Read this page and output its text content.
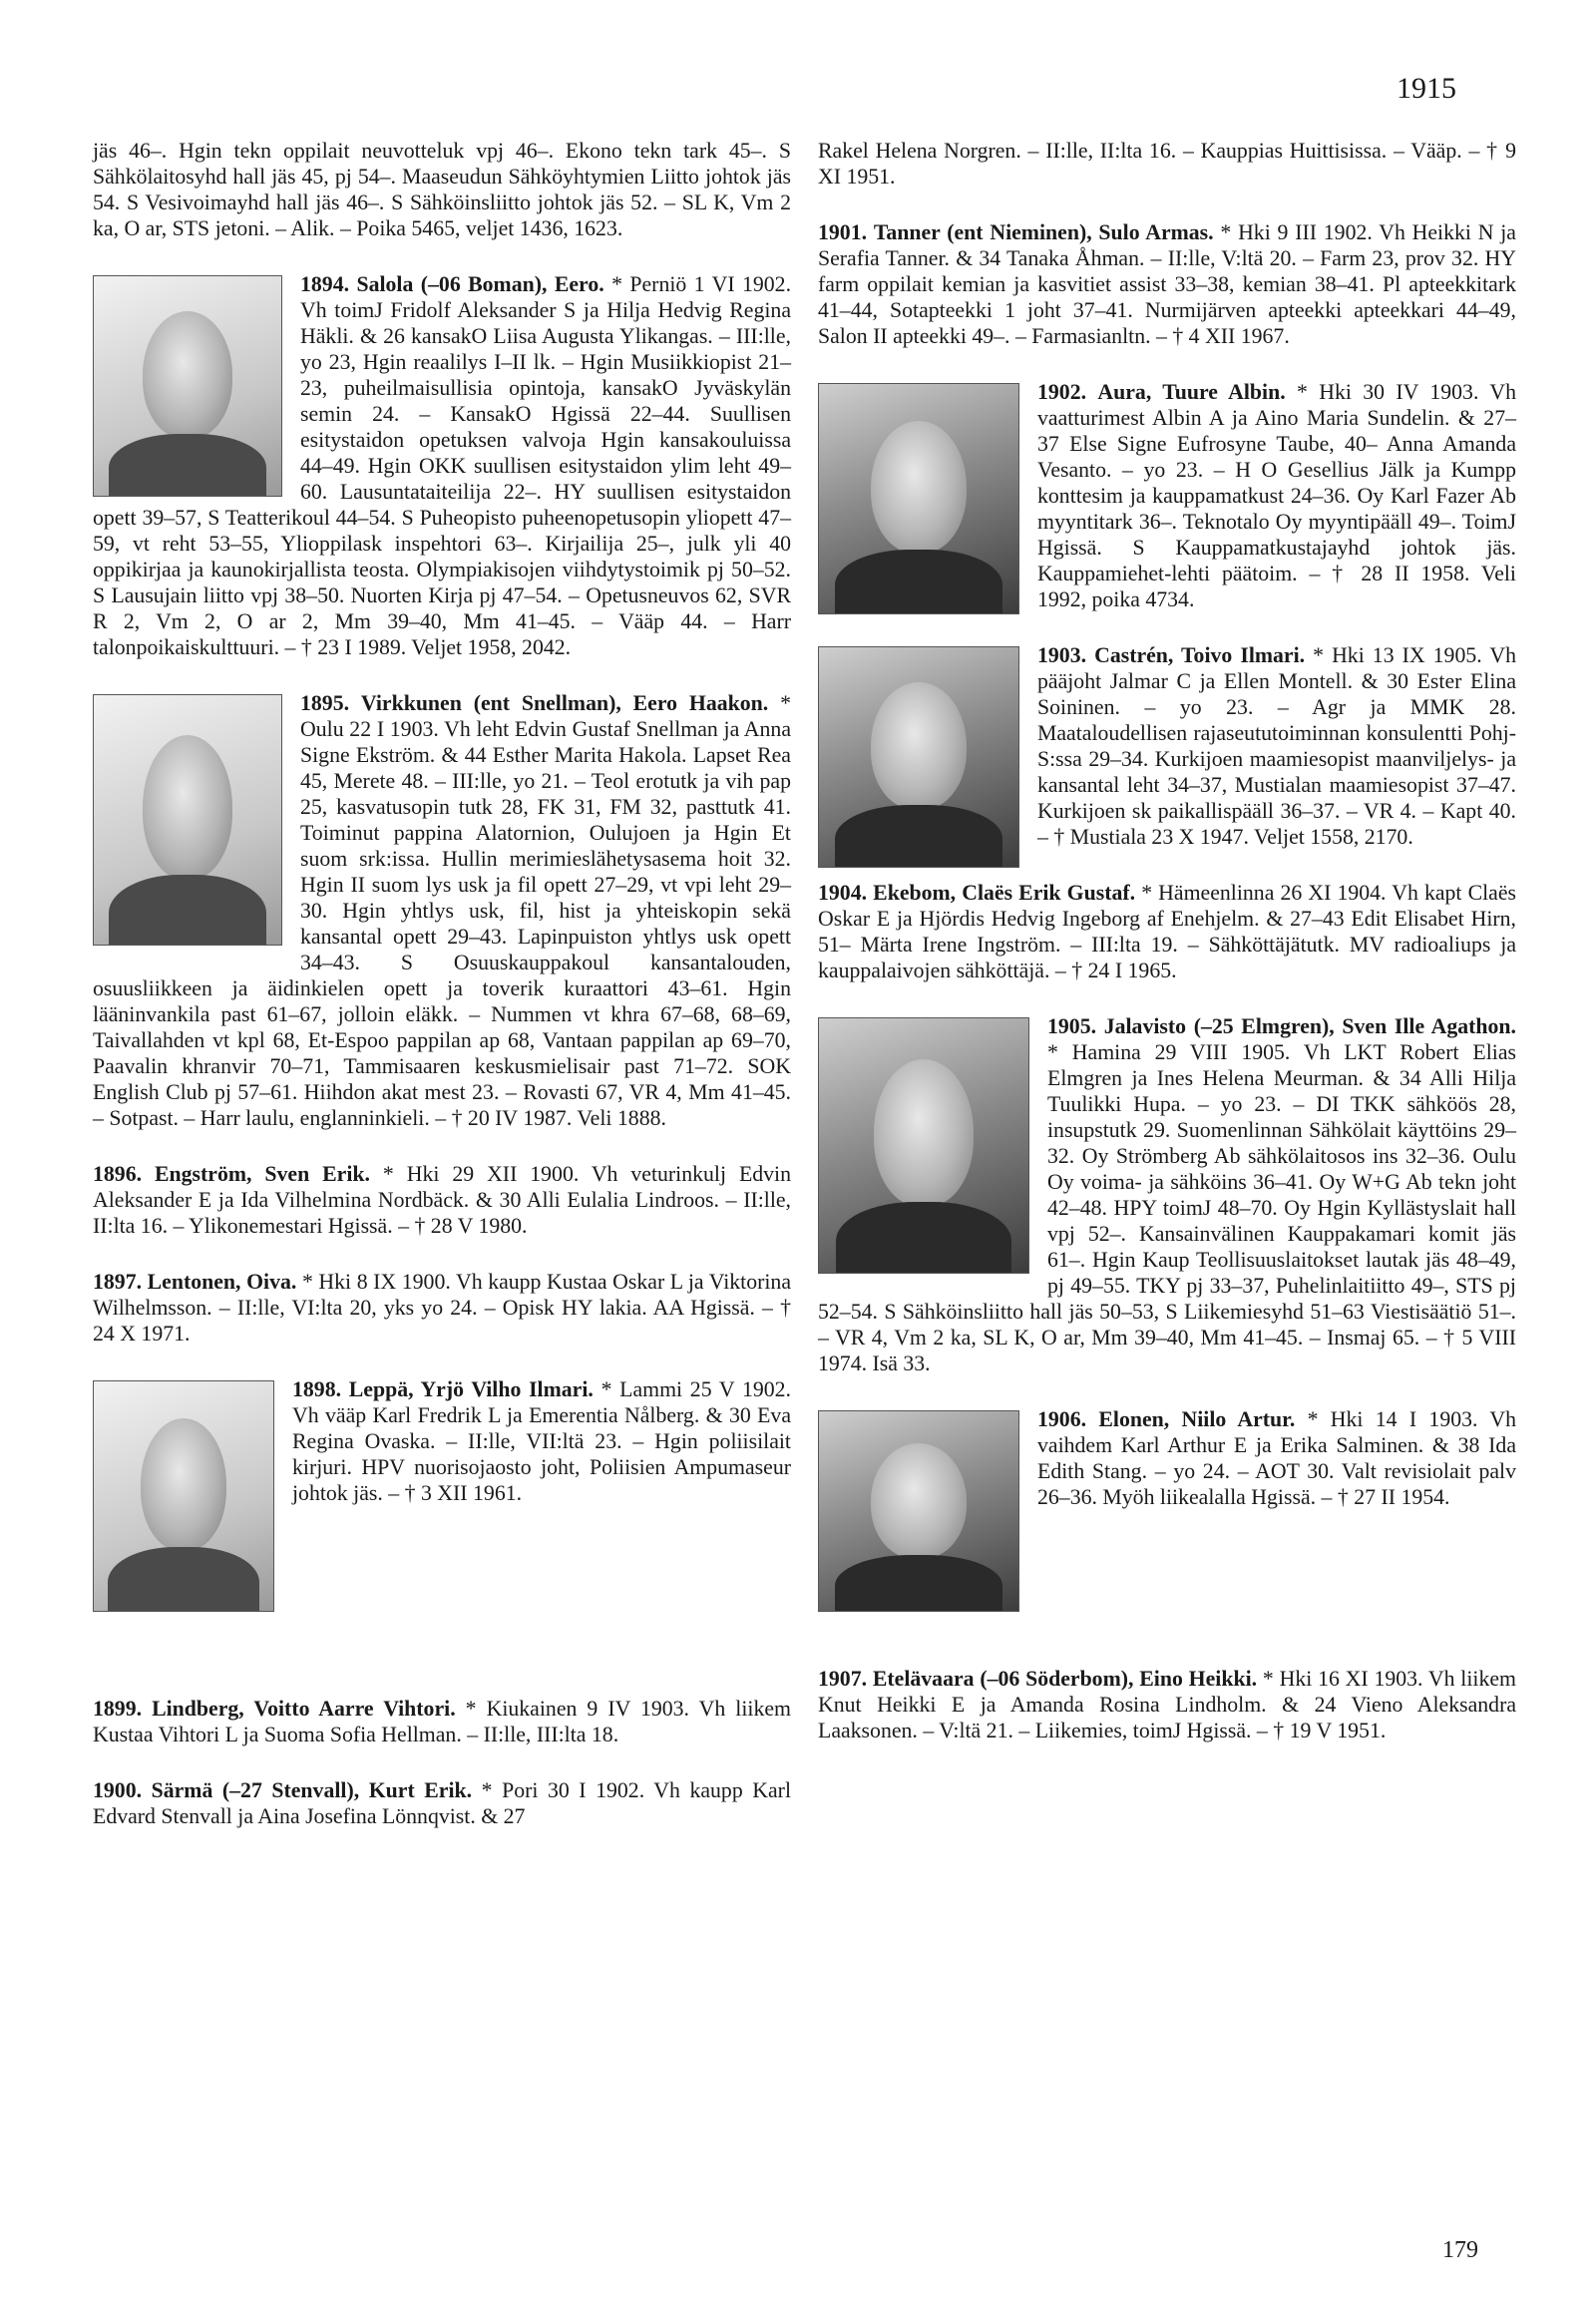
1915

jäs 46–. Hgin tekn oppilait neuvotteluk vpj 46–. Ekono tekn tark 45–. S Sähkölaitosyhd hall jäs 45, pj 54–. Maaseudun Sähköyhtymien Liitto johtok jäs 54. S Vesivoimayhd hall jäs 46–. S Sähköinsliitto johtok jäs 52. – SL K, Vm 2 ka, O ar, STS jetoni. – Alik. – Poika 5465, veljet 1436, 1623.

1894. Salola (–06 Boman), Eero. * Perniö 1 VI 1902. Vh toimJ Fridolf Aleksander S ja Hilja Hedvig Regina Häkli. & 26 kansakO Liisa Augusta Ylikangas. – III:lle, yo 23, Hgin reaalilys I–II lk. – Hgin Musiikkiopist 21–23, puheilmaisullisia opintoja, kansakO Jyväskylän semin 24. – KansakO Hgissä 22–44. Suullisen esitystaidon opetuksen valvoja Hgin kansakouluissa 44–49. Hgin OKK suullisen esitystaidon ylim leht 49–60. Lausuntataiteilija 22–. HY suullisen esitystaidon opett 39–57, S Teatterikoul 44–54. S Puheopisto puheenopetusopin yliopett 47–59, vt reht 53–55, Ylioppilask inspehtori 63–. Kirjailija 25–, julk yli 40 oppikirjaa ja kaunokirjallista teosta. Olympiakisojen viihdytystoimik pj 50–52. S Lausujain liitto vpj 38–50. Nuorten Kirja pj 47–54. – Opetusneuvos 62, SVR R 2, Vm 2, O ar 2, Mm 39–40, Mm 41–45. – Vääp 44. – Harr talonpoikaiskulttuuri. – † 23 I 1989. Veljet 1958, 2042.

1895. Virkkunen (ent Snellman), Eero Haakon. * Oulu 22 I 1903. Vh leht Edvin Gustaf Snellman ja Anna Signe Ekström. & 44 Esther Marita Hakola. Lapset Rea 45, Merete 48. – III:lle, yo 21. – Teol erotutk ja vih pap 25, kasvatusopin tutk 28, FK 31, FM 32, pasttutk 41. Toiminut pappina Alatornion, Oulujoen ja Hgin Et suom srk:issa. Hullin merimieslähetysasema hoit 32. Hgin II suom lys usk ja fil opett 27–29, vt vpi leht 29–30. Hgin yhtlys usk, fil, hist ja yhteiskopin sekä kansantal opett 29–43. Lapinpuiston yhtlys usk opett 34–43. S Osuuskauppakoul kansantalouden, osuusliikkeen ja äidinkielen opett ja toverik kuraattori 43–61. Hgin lääninvankila past 61–67, jolloin eläkk. – Nummen vt khra 67–68, 68–69, Taivallahden vt kpl 68, Et-Espoo pappilan ap 68, Vantaan pappilan ap 69–70, Paavalin khranvir 70–71, Tammisaaren keskusmielisair past 71–72. SOK English Club pj 57–61. Hiihdon akat mest 23. – Rovasti 67, VR 4, Mm 41–45. – Sotpast. – Harr laulu, englanninkieli. – † 20 IV 1987. Veli 1888.

1896. Engström, Sven Erik. * Hki 29 XII 1900. Vh veturinkulj Edvin Aleksander E ja Ida Vilhelmina Nordbäck. & 30 Alli Eulalia Lindroos. – II:lle, II:lta 16. – Ylikonemestari Hgissä. – † 28 V 1980.

1897. Lentonen, Oiva. * Hki 8 IX 1900. Vh kaupp Kustaa Oskar L ja Viktorina Wilhelmsson. – II:lle, VI:lta 20, yks yo 24. – Opisk HY lakia. AA Hgissä. – † 24 X 1971.

1898. Leppä, Yrjö Vilho Ilmari. * Lammi 25 V 1902. Vh vääp Karl Fredrik L ja Emerentia Nålberg. & 30 Eva Regina Ovaska. – II:lle, VII:ltä 23. – Hgin poliisilait kirjuri. HPV nuorisojaosto joht, Poliisien Ampumaseur johtok jäs. – † 3 XII 1961.

1899. Lindberg, Voitto Aarre Vihtori. * Kiukainen 9 IV 1903. Vh liikem Kustaa Vihtori L ja Suoma Sofia Hellman. – II:lle, III:lta 18.

1900. Särmä (–27 Stenvall), Kurt Erik. * Pori 30 I 1902. Vh kaupp Karl Edvard Stenvall ja Aina Josefina Lönnqvist. & 27

Rakel Helena Norgren. – II:lle, II:lta 16. – Kauppias Huittisissa. – Vääp. – † 9 XI 1951.

1901. Tanner (ent Nieminen), Sulo Armas. * Hki 9 III 1902. Vh Heikki N ja Serafia Tanner. & 34 Tanaka Åhman. – II:lle, V:ltä 20. – Farm 23, prov 32. HY farm oppilait kemian ja kasvitiet assist 33–38, kemian 38–41. Pl apteekkitark 41–44, Sotapteekki 1 joht 37–41. Nurmijärven apteekki apteekkari 44–49, Salon II apteekki 49–. – Farmasianltn. – † 4 XII 1967.

1902. Aura, Tuure Albin. * Hki 30 IV 1903. Vh vaatturimest Albin A ja Aino Maria Sundelin. & 27– 37 Else Signe Eufrosyne Taube, 40– Anna Amanda Vesanto. – yo 23. – H O Gesellius Jälk ja Kumpp konttesim ja kauppamatkust 24–36. Oy Karl Fazer Ab myyntitark 36–. Teknotalo Oy myyntipääll 49–. ToimJ Hgissä. S Kauppamatkustajayhd johtok jäs. Kauppamiehet-lehti päätoim. – † 28 II 1958. Veli 1992, poika 4734.

1903. Castrén, Toivo Ilmari. * Hki 13 IX 1905. Vh pääjoht Jalmar C ja Ellen Montell. & 30 Ester Elina Soininen. – yo 23. – Agr ja MMK 28. Maataloudellisen rajaseututoiminnan konsulentti Pohj-S:ssa 29–34. Kurkijoen maamiesopist maanviljelys- ja kansantal leht 34–37, Mustialan maamiesopist 37–47. Kurkijoen sk paikallispääll 36–37. – VR 4. – Kapt 40. – † Mustiala 23 X 1947. Veljet 1558, 2170.

1904. Ekebom, Claës Erik Gustaf. * Hämeenlinna 26 XI 1904. Vh kapt Claës Oskar E ja Hjördis Hedvig Ingeborg af Enehjelm. & 27–43 Edit Elisabet Hirn, 51– Märta Irene Ingström. – III:lta 19. – Sähköttäjätutk. MV radioaliups ja kauppalaivojen sähköttäjä. – † 24 I 1965.

1905. Jalavisto (–25 Elmgren), Sven Ille Agathon. * Hamina 29 VIII 1905. Vh LKT Robert Elias Elmgren ja Ines Helena Meurman. & 34 Alli Hilja Tuulikki Hupa. – yo 23. – DI TKK sähköös 28, insupstutk 29. Suomenlinnan Sähkölait käyttöins 29–32. Oy Strömberg Ab sähkölaitosos ins 32–36. Oulu Oy voima- ja sähköins 36–41. Oy W+G Ab tekn joht 42–48. HPY toimJ 48–70. Oy Hgin Kyllästyslait hall vpj 52–. Kansainvälinen Kauppakamari komit jäs 61–. Hgin Kaup Teollisuuslaitokset lautak jäs 48–49, pj 49–55. TKY pj 33–37, Puhelinlaitiitto 49–, STS pj 52–54. S Sähköinsliitto hall jäs 50–53, S Liikemiesyhd 51–63 Viestisäätiö 51–. – VR 4, Vm 2 ka, SL K, O ar, Mm 39–40, Mm 41–45. – Insmaj 65. – † 5 VIII 1974. Isä 33.

1906. Elonen, Niilo Artur. * Hki 14 I 1903. Vh vaihdem Karl Arthur E ja Erika Salminen. & 38 Ida Edith Stang. – yo 24. – AOT 30. Valt revisiolait palv 26–36. Myöh liikealalla Hgissä. – † 27 II 1954.

1907. Etelävaara (–06 Söderbom), Eino Heikki. * Hki 16 XI 1903. Vh liikem Knut Heikki E ja Amanda Rosina Lindholm. & 24 Vieno Aleksandra Laaksonen. – V:ltä 21. – Liikemies, toimJ Hgissä. – † 19 V 1951.

179
